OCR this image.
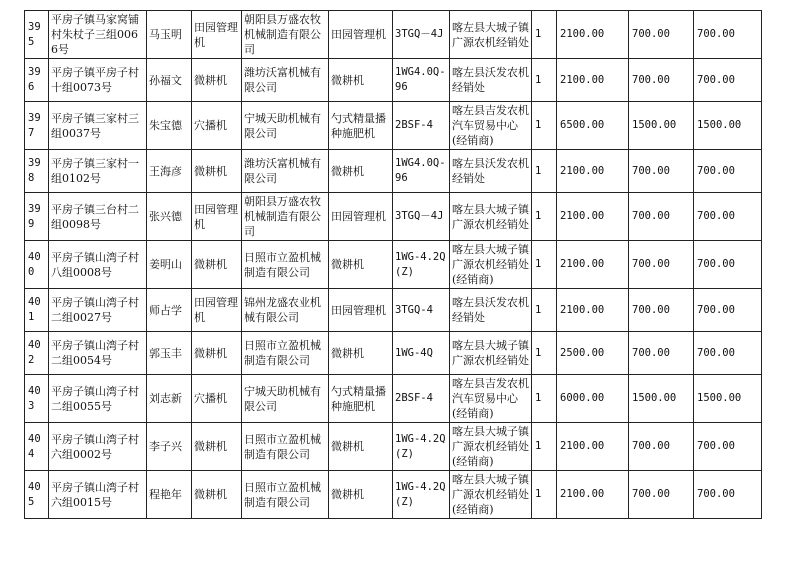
395	平房子镇马家窝铺村朱杖子三组0066号	马玉明	田园管理机	朝阳县万盛农牧机械制造有限公司	田园管理机	3TGQ－4J	喀左县大城子镇广源农机经销处	1	2100.00	700.00	700.00
396	平房子镇平房子村十组0073号	孙福文	微耕机	潍坊沃富机械有限公司	微耕机	1WG4.0Q-96	喀左县沃发农机经销处	1	2100.00	700.00	700.00
397	平房子镇三家村三组0037号	朱宝德	穴播机	宁城天助机械有限公司	勺式精量播种施肥机	2BSF-4	喀左县吉发农机汽车贸易中心(经销商)	1	6500.00	1500.00	1500.00
398	平房子镇三家村一组0102号	王海彦	微耕机	潍坊沃富机械有限公司	微耕机	1WG4.0Q-96	喀左县沃发农机经销处	1	2100.00	700.00	700.00
399	平房子镇三台村二组0098号	张兴德	田园管理机	朝阳县万盛农牧机械制造有限公司	田园管理机	3TGQ－4J	喀左县大城子镇广源农机经销处	1	2100.00	700.00	700.00
400	平房子镇山湾子村八组0008号	姜明山	微耕机	日照市立盈机械制造有限公司	微耕机	1WG-4.2Q(Z)	喀左县大城子镇广源农机经销处(经销商)	1	2100.00	700.00	700.00
401	平房子镇山湾子村二组0027号	师占学	田园管理机	锦州龙盛农业机械有限公司	田园管理机	3TGQ-4	喀左县沃发农机经销处	1	2100.00	700.00	700.00
402	平房子镇山湾子村二组0054号	郭玉丰	微耕机	日照市立盈机械制造有限公司	微耕机	1WG-4Q	喀左县大城子镇广源农机经销处	1	2500.00	700.00	700.00
403	平房子镇山湾子村二组0055号	刘志新	穴播机	宁城天助机械有限公司	勺式精量播种施肥机	2BSF-4	喀左县吉发农机汽车贸易中心(经销商)	1	6000.00	1500.00	1500.00
404	平房子镇山湾子村六组0002号	李子兴	微耕机	日照市立盈机械制造有限公司	微耕机	1WG-4.2Q(Z)	喀左县大城子镇广源农机经销处(经销商)	1	2100.00	700.00	700.00
405	平房子镇山湾子村六组0015号	程艳年	微耕机	日照市立盈机械制造有限公司	微耕机	1WG-4.2Q(Z)	喀左县大城子镇广源农机经销处(经销商)	1	2100.00	700.00	700.00
